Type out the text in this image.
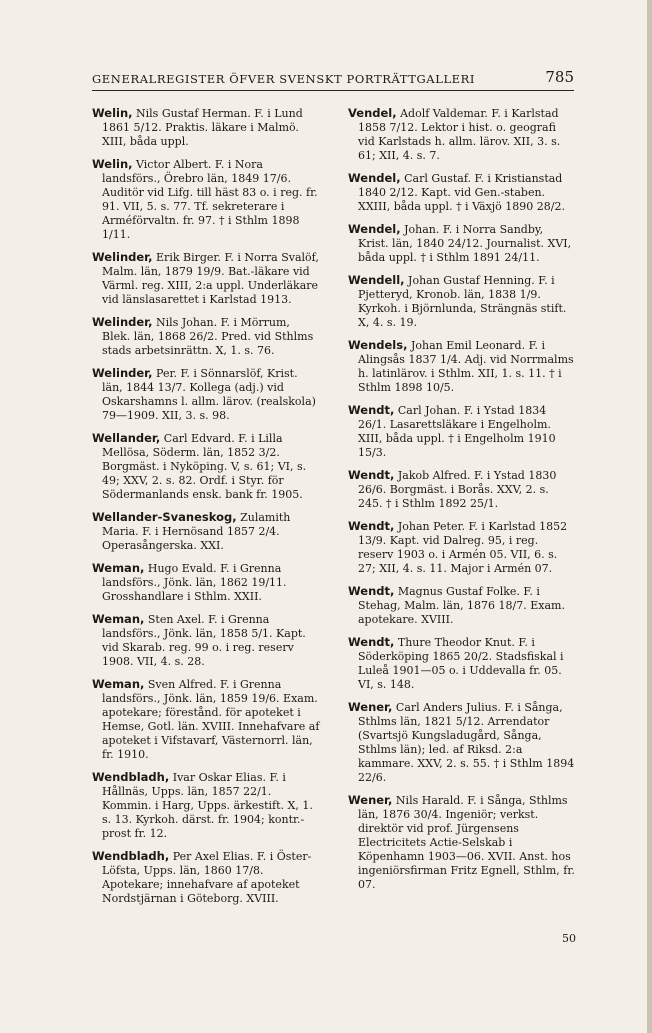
GENERALREGISTER ÖFVER SVENSKT PORTRÄTTGALLERI	785

Welin, Nils Gustaf Herman. F. i Lund 1861 5/12. Praktis. läkare i Malmö. XIII, båda uppl.

Welin, Victor Albert. F. i Nora landsförs., Örebro län, 1849 17/6. Auditör vid Lifg. till häst 83 o. i reg. fr. 91. VII, 5. s. 77. Tf. sekreterare i Arméförvaltn. fr. 97. † i Sthlm 1898 1/11.

Welinder, Erik Birger. F. i Norra Svalöf, Malm. län, 1879 19/9. Bat.-läkare vid Värml. reg. XIII, 2:a uppl. Underläkare vid länslasarettet i Karlstad 1913.

Welinder, Nils Johan. F. i Mörrum, Blek. län, 1868 26/2. Pred. vid Sthlms stads arbetsinrättn. X, 1. s. 76.

Welinder, Per. F. i Sönnarslöf, Krist. län, 1844 13/7. Kollega (adj.) vid Oskarshamns l. allm. lärov. (realskola) 79—1909. XII, 3. s. 98.

Wellander, Carl Edvard. F. i Lilla Mellösa, Söderm. län, 1852 3/2. Borgmäst. i Nyköping. V, s. 61; VI, s. 49; XXV, 2. s. 82. Ordf. i Styr. för Södermanlands ensk. bank fr. 1905.

Wellander-Svaneskog, Zulamith Maria. F. i Hernösand 1857 2/4. Operasångerska. XXI.

Weman, Hugo Evald. F. i Grenna landsförs., Jönk. län, 1862 19/11. Grosshandlare i Sthlm. XXII.

Weman, Sten Axel. F. i Grenna landsförs., Jönk. län, 1858 5/1. Kapt. vid Skarab. reg. 99 o. i reg. reserv 1908. VII, 4. s. 28.

Weman, Sven Alfred. F. i Grenna landsförs., Jönk. län, 1859 19/6. Exam. apotekare; förestånd. för apoteket i Hemse, Gotl. län. XVIII. Innehafvare af apoteket i Vifstavarf, Västernorrl. län, fr. 1910.

Wendbladh, Ivar Oskar Elias. F. i Hållnäs, Upps. län, 1857 22/1. Kommin. i Harg, Upps. ärkestift. X, 1. s. 13. Kyrkoh. därst. fr. 1904; kontr.-prost fr. 12.

Wendbladh, Per Axel Elias. F. i Öster-Löfsta, Upps. län, 1860 17/8. Apotekare; innehafvare af apoteket Nordstjärnan i Göteborg. XVIII.

Vendel, Adolf Valdemar. F. i Karlstad 1858 7/12. Lektor i hist. o. geografi vid Karlstads h. allm. lärov. XII, 3. s. 61; XII, 4. s. 7.

Wendel, Carl Gustaf. F. i Kristianstad 1840 2/12. Kapt. vid Gen.-staben. XXIII, båda uppl. † i Växjö 1890 28/2.

Wendel, Johan. F. i Norra Sandby, Krist. län, 1840 24/12. Journalist. XVI, båda uppl. † i Sthlm 1891 24/11.

Wendell, Johan Gustaf Henning. F. i Pjetteryd, Kronob. län, 1838 1/9. Kyrkoh. i Björnlunda, Strängnäs stift. X, 4. s. 19.

Wendels, Johan Emil Leonard. F. i Alingsås 1837 1/4. Adj. vid Norrmalms h. latinlärov. i Sthlm. XII, 1. s. 11. † i Sthlm 1898 10/5.

Wendt, Carl Johan. F. i Ystad 1834 26/1. Lasarettsläkare i Engelholm. XIII, båda uppl. † i Engelholm 1910 15/3.

Wendt, Jakob Alfred. F. i Ystad 1830 26/6. Borgmäst. i Borås. XXV, 2. s. 245. † i Sthlm 1892 25/1.

Wendt, Johan Peter. F. i Karlstad 1852 13/9. Kapt. vid Dalreg. 95, i reg. reserv 1903 o. i Armén 05. VII, 6. s. 27; XII, 4. s. 11. Major i Armén 07.

Wendt, Magnus Gustaf Folke. F. i Stehag, Malm. län, 1876 18/7. Exam. apotekare. XVIII.

Wendt, Thure Theodor Knut. F. i Söderköping 1865 20/2. Stadsfiskal i Luleå 1901—05 o. i Uddevalla fr. 05. VI, s. 148.

Wener, Carl Anders Julius. F. i Sånga, Sthlms län, 1821 5/12. Arrendator (Svartsjö Kungsladugård, Sånga, Sthlms län); led. af Riksd. 2:a kammare. XXV, 2. s. 55. † i Sthlm 1894 22/6.

Wener, Nils Harald. F. i Sånga, Sthlms län, 1876 30/4. Ingeniör; verkst. direktör vid prof. Jürgensens Electricitets Actie-Selskab i Köpenhamn 1903—06. XVII. Anst. hos ingeniörsfirman Fritz Egnell, Sthlm, fr. 07.

50
